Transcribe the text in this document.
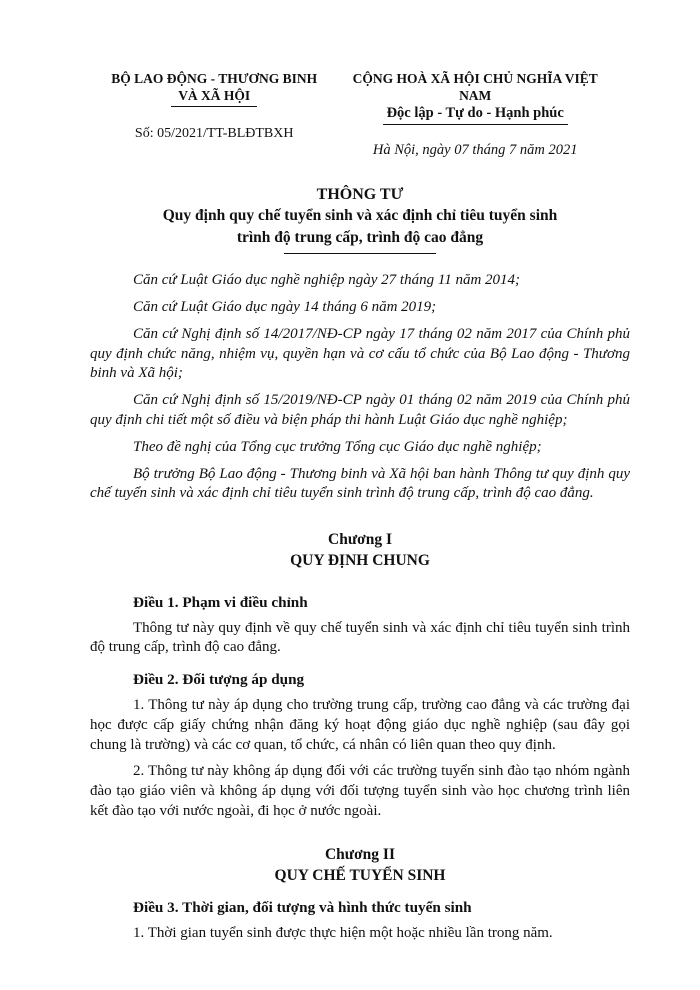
BỘ LAO ĐỘNG - THƯƠNG BINH
VÀ XÃ HỘI
Số: 05/2021/TT-BLĐTBXH
CỘNG HOÀ XÃ HỘI CHỦ NGHĨA VIỆT NAM
Độc lập - Tự do - Hạnh phúc
Hà Nội, ngày 07 tháng 7 năm 2021
THÔNG TƯ
Quy định quy chế tuyển sinh và xác định chỉ tiêu tuyển sinh
trình độ trung cấp, trình độ cao đẳng

Căn cứ Luật Giáo dục nghề nghiệp ngày 27 tháng 11 năm 2014;

Căn cứ Luật Giáo dục ngày 14 tháng 6 năm 2019;

Căn cứ Nghị định số 14/2017/NĐ-CP ngày 17 tháng 02 năm 2017 của Chính phủ quy định chức năng, nhiệm vụ, quyền hạn và cơ cấu tổ chức của Bộ Lao động - Thương binh và Xã hội;

Căn cứ Nghị định số 15/2019/NĐ-CP ngày 01 tháng 02 năm 2019 của Chính phủ quy định chi tiết một số điều và biện pháp thi hành Luật Giáo dục nghề nghiệp;

Theo đề nghị của Tổng cục trưởng Tổng cục Giáo dục nghề nghiệp;

Bộ trưởng Bộ Lao động - Thương binh và Xã hội ban hành Thông tư quy định quy chế tuyển sinh và xác định chỉ tiêu tuyển sinh trình độ trung cấp, trình độ cao đẳng.

Chương I
QUY ĐỊNH CHUNG
Điều 1. Phạm vi điều chỉnh

Thông tư này quy định về quy chế tuyển sinh và xác định chỉ tiêu tuyển sinh trình độ trung cấp, trình độ cao đẳng.

Điều 2. Đối tượng áp dụng

1. Thông tư này áp dụng cho trường trung cấp, trường cao đẳng và các trường đại học được cấp giấy chứng nhận đăng ký hoạt động giáo dục nghề nghiệp (sau đây gọi chung là trường) và các cơ quan, tổ chức, cá nhân có liên quan theo quy định.

2. Thông tư này không áp dụng đối với các trường tuyển sinh đào tạo nhóm ngành đào tạo giáo viên và không áp dụng với đối tượng tuyển sinh vào học chương trình liên kết đào tạo với nước ngoài, đi học ở nước ngoài.

Chương II
QUY CHẾ TUYỂN SINH
Điều 3. Thời gian, đối tượng và hình thức tuyển sinh

1. Thời gian tuyển sinh được thực hiện một hoặc nhiều lần trong năm.
